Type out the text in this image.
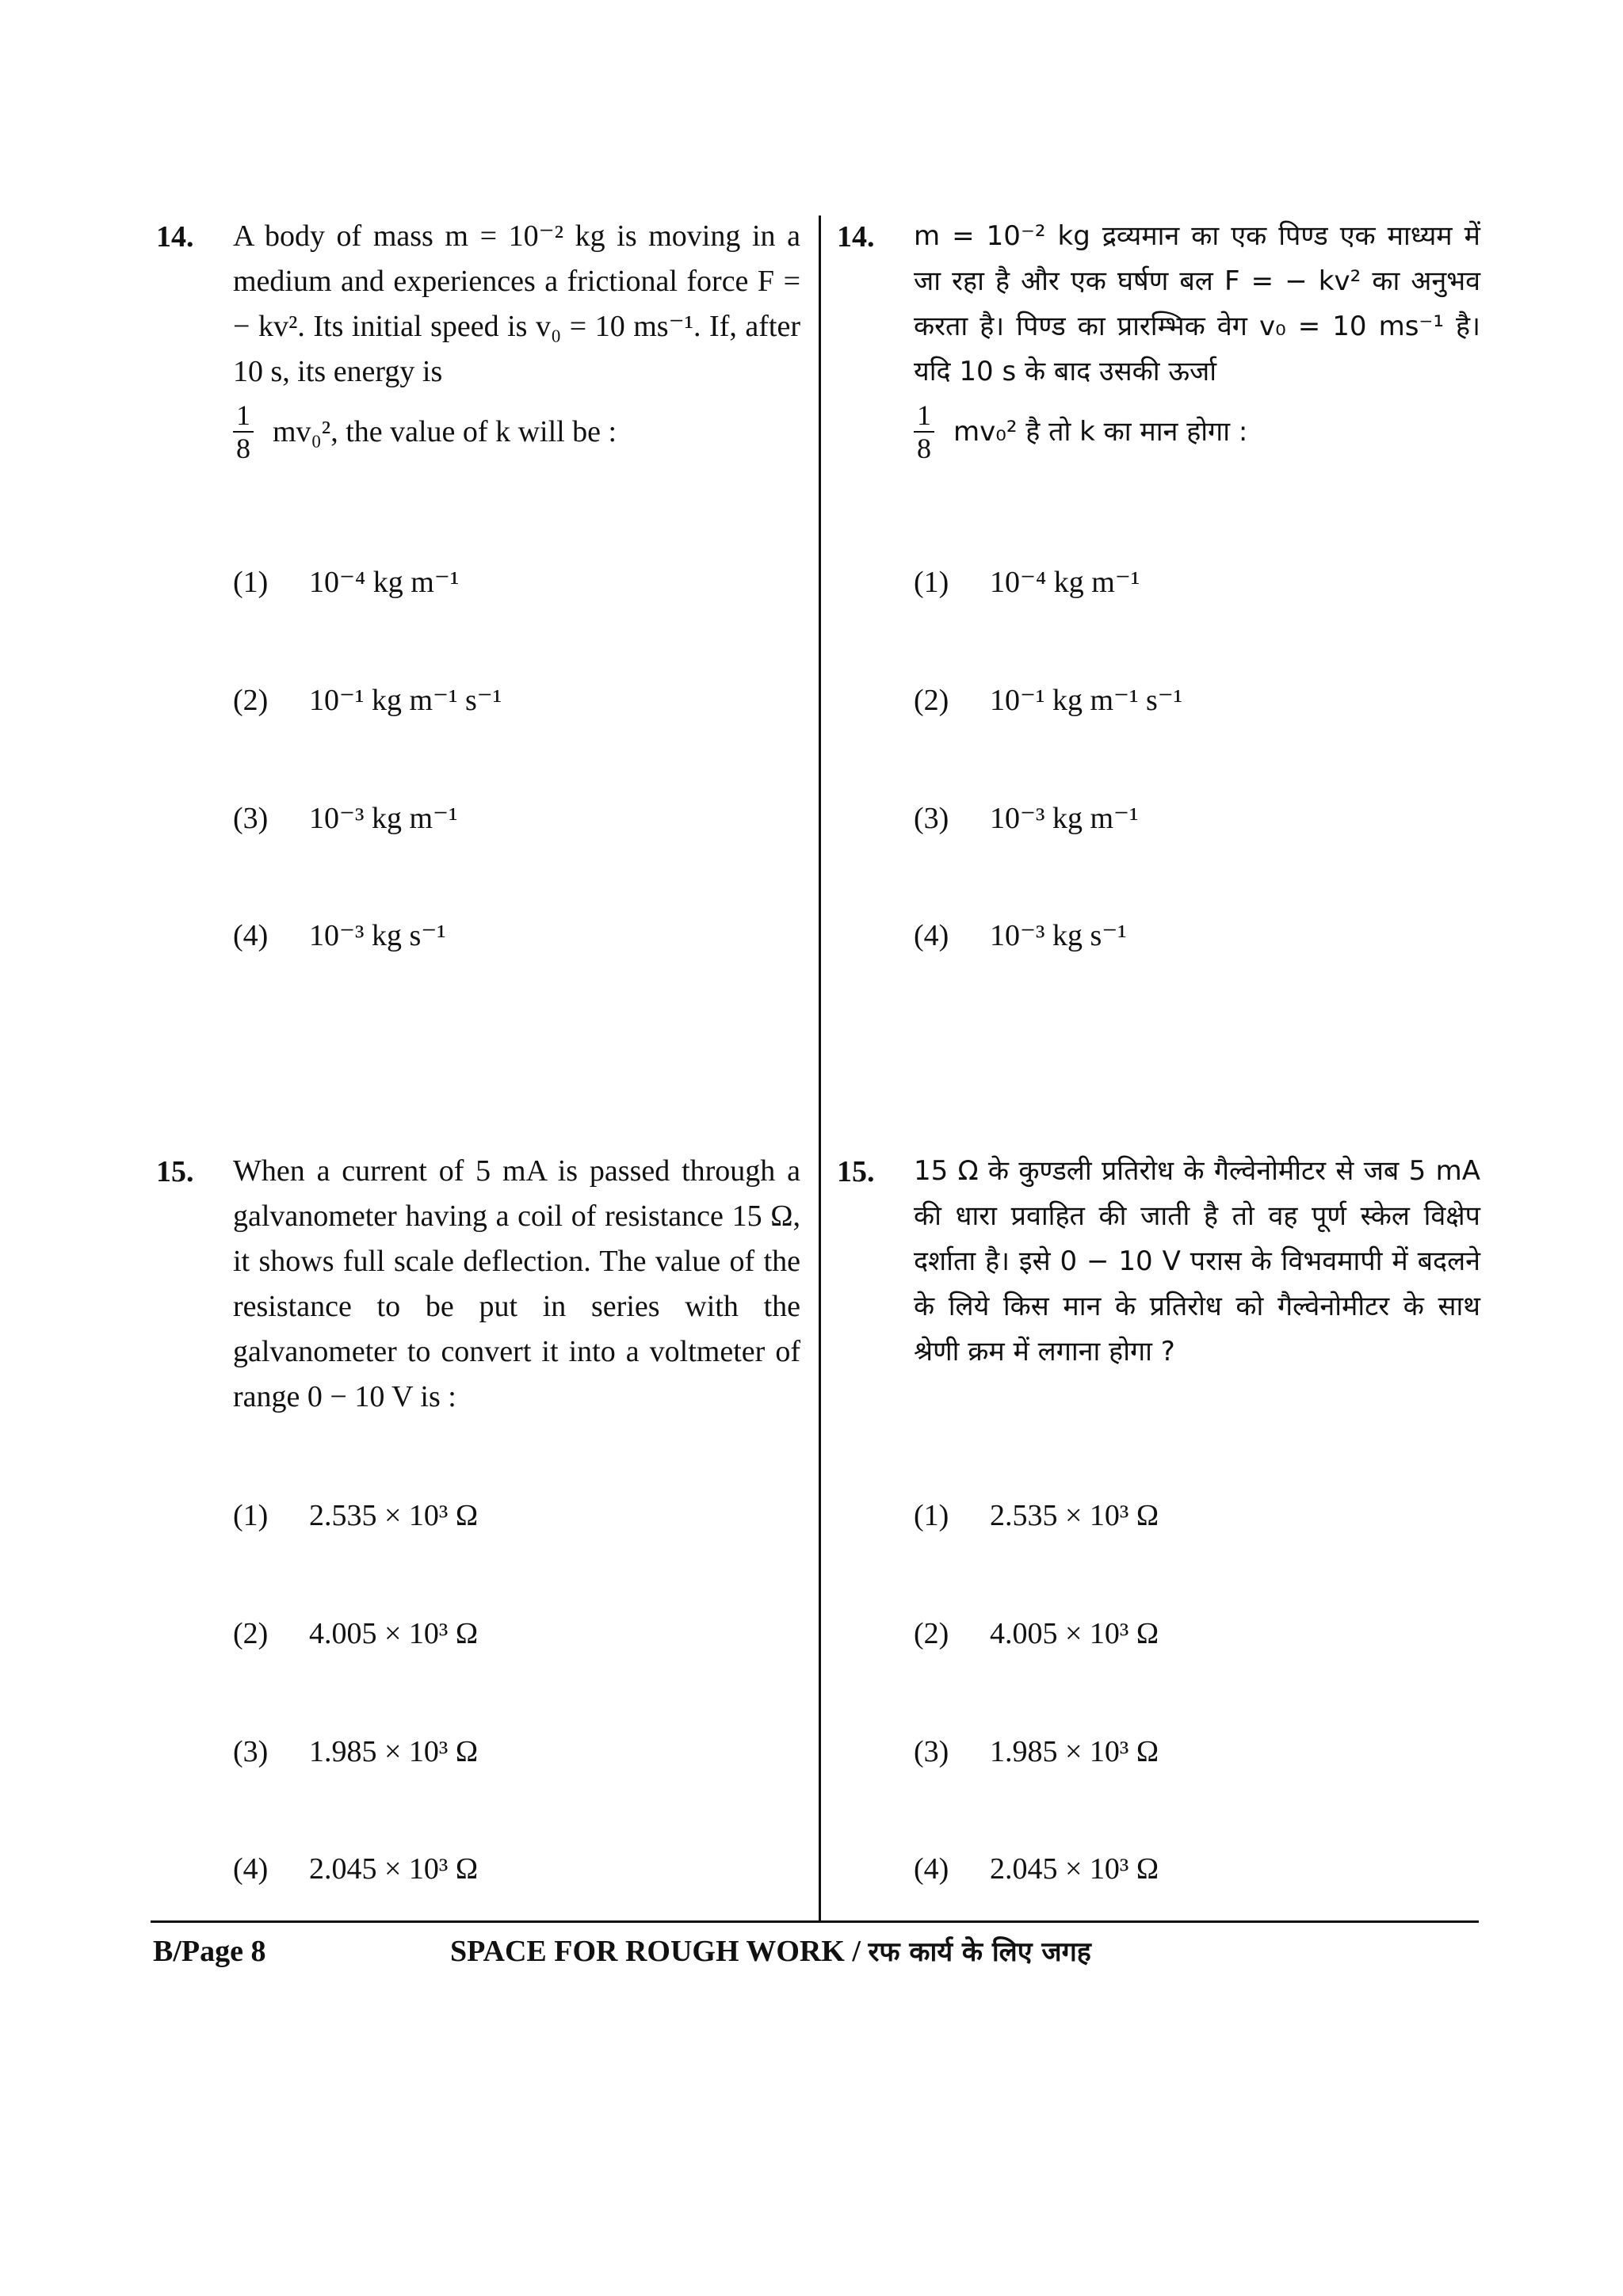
14. A body of mass m = 10⁻² kg is moving in a medium and experiences a frictional force F = − kv². Its initial speed is v₀ = 10 ms⁻¹. If, after 10 s, its energy is
$\frac{1}{8} mv_0^2$, the value of k will be :
14. m = 10⁻² kg द्रव्यमान का एक पिण्ड एक माध्यम में जा रहा है और एक घर्षण बल F = − kv² का अनुभव करता है। पिण्ड का प्रारम्भिक वेग v₀ = 10 ms⁻¹ है। यदि 10 s के बाद उसकी ऊर्जा
$\frac{1}{8} mv_0^2$ है तो k का मान होगा :
(1) 10⁻⁴ kg m⁻¹
(2) 10⁻¹ kg m⁻¹ s⁻¹
(3) 10⁻³ kg m⁻¹
(4) 10⁻³ kg s⁻¹
(1) 10⁻⁴ kg m⁻¹
(2) 10⁻¹ kg m⁻¹ s⁻¹
(3) 10⁻³ kg m⁻¹
(4) 10⁻³ kg s⁻¹
15. When a current of 5 mA is passed through a galvanometer having a coil of resistance 15 Ω, it shows full scale deflection. The value of the resistance to be put in series with the galvanometer to convert it into a voltmeter of range 0 − 10 V is :
15. 15 Ω के कुण्डली प्रतिरोध के गैल्वेनोमीटर से जब 5 mA की धारा प्रवाहित की जाती है तो वह पूर्ण स्केल विक्षेप दर्शाता है। इसे 0 − 10 V परास के विभवमापी में बदलने के लिये किस मान के प्रतिरोध को गैल्वेनोमीटर के साथ श्रेणी क्रम में लगाना होगा ?
(1) 2.535 × 10³ Ω
(2) 4.005 × 10³ Ω
(3) 1.985 × 10³ Ω
(4) 2.045 × 10³ Ω
(1) 2.535 × 10³ Ω
(2) 4.005 × 10³ Ω
(3) 1.985 × 10³ Ω
(4) 2.045 × 10³ Ω
B/Page 8	SPACE FOR ROUGH WORK / रफ कार्य के लिए जगह
